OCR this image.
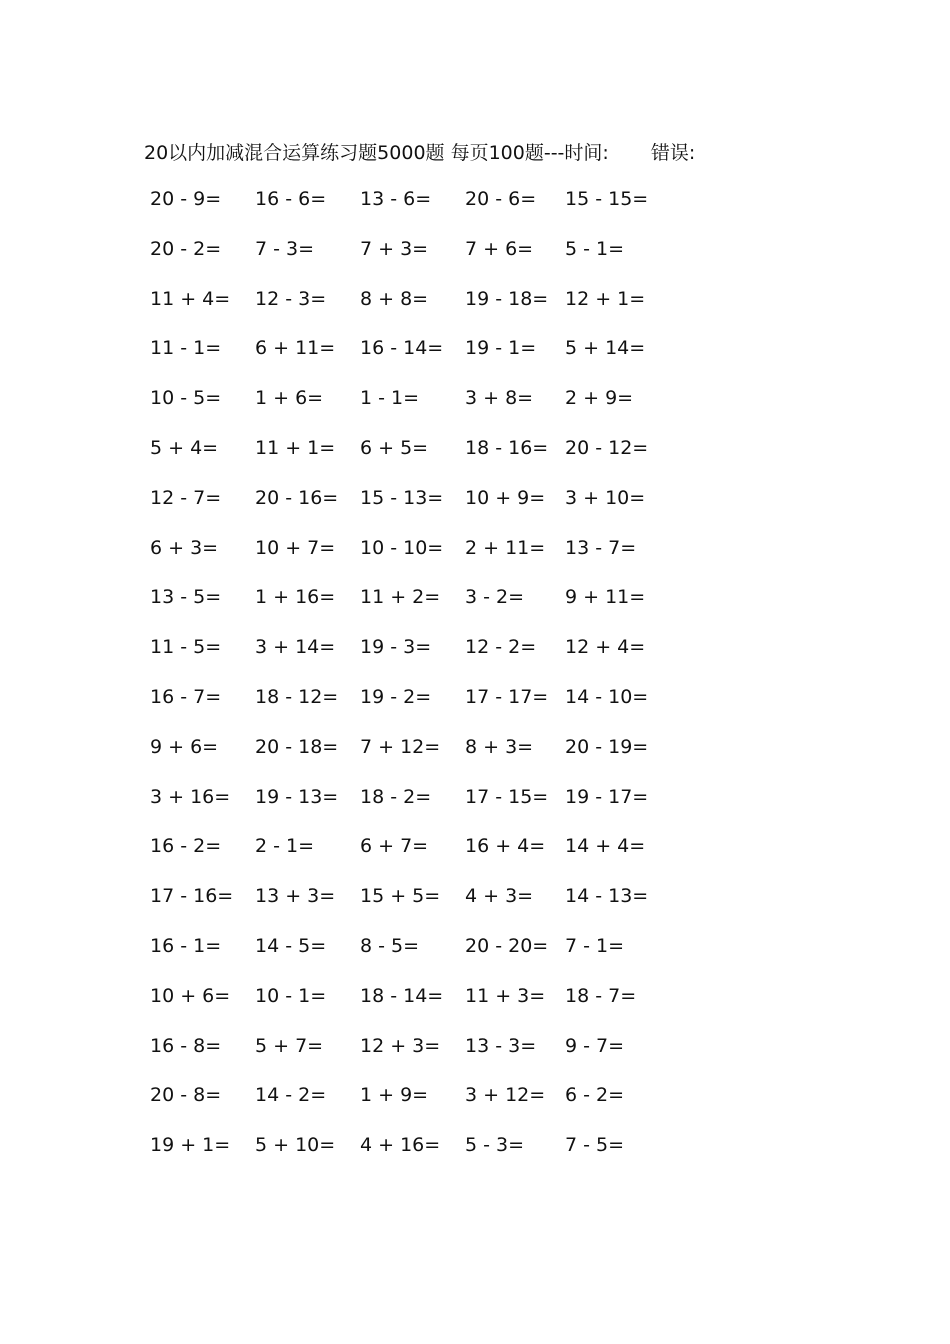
20以内加减混合运算练习题5000题 每页100题---时间: 错误:
20 - 9= 16 - 6= 13 - 6= 20 - 6= 15 - 15=
20 - 2= 7 - 3= 7 + 3= 7 + 6= 5 - 1=
11 + 4= 12 - 3= 8 + 8= 19 - 18= 12 + 1=
11 - 1= 6 + 11= 16 - 14= 19 - 1= 5 + 14=
10 - 5= 1 + 6= 1 - 1= 3 + 8= 2 + 9=
5 + 4= 11 + 1= 6 + 5= 18 - 16= 20 - 12=
12 - 7= 20 - 16= 15 - 13= 10 + 9= 3 + 10=
6 + 3= 10 + 7= 10 - 10= 2 + 11= 13 - 7=
13 - 5= 1 + 16= 11 + 2= 3 - 2= 9 + 11=
11 - 5= 3 + 14= 19 - 3= 12 - 2= 12 + 4=
16 - 7= 18 - 12= 19 - 2= 17 - 17= 14 - 10=
9 + 6= 20 - 18= 7 + 12= 8 + 3= 20 - 19=
3 + 16= 19 - 13= 18 - 2= 17 - 15= 19 - 17=
16 - 2= 2 - 1= 6 + 7= 16 + 4= 14 + 4=
17 - 16= 13 + 3= 15 + 5= 4 + 3= 14 - 13=
16 - 1= 14 - 5= 8 - 5= 20 - 20= 7 - 1=
10 + 6= 10 - 1= 18 - 14= 11 + 3= 18 - 7=
16 - 8= 5 + 7= 12 + 3= 13 - 3= 9 - 7=
20 - 8= 14 - 2= 1 + 9= 3 + 12= 6 - 2=
19 + 1= 5 + 10= 4 + 16= 5 - 3= 7 - 5=
